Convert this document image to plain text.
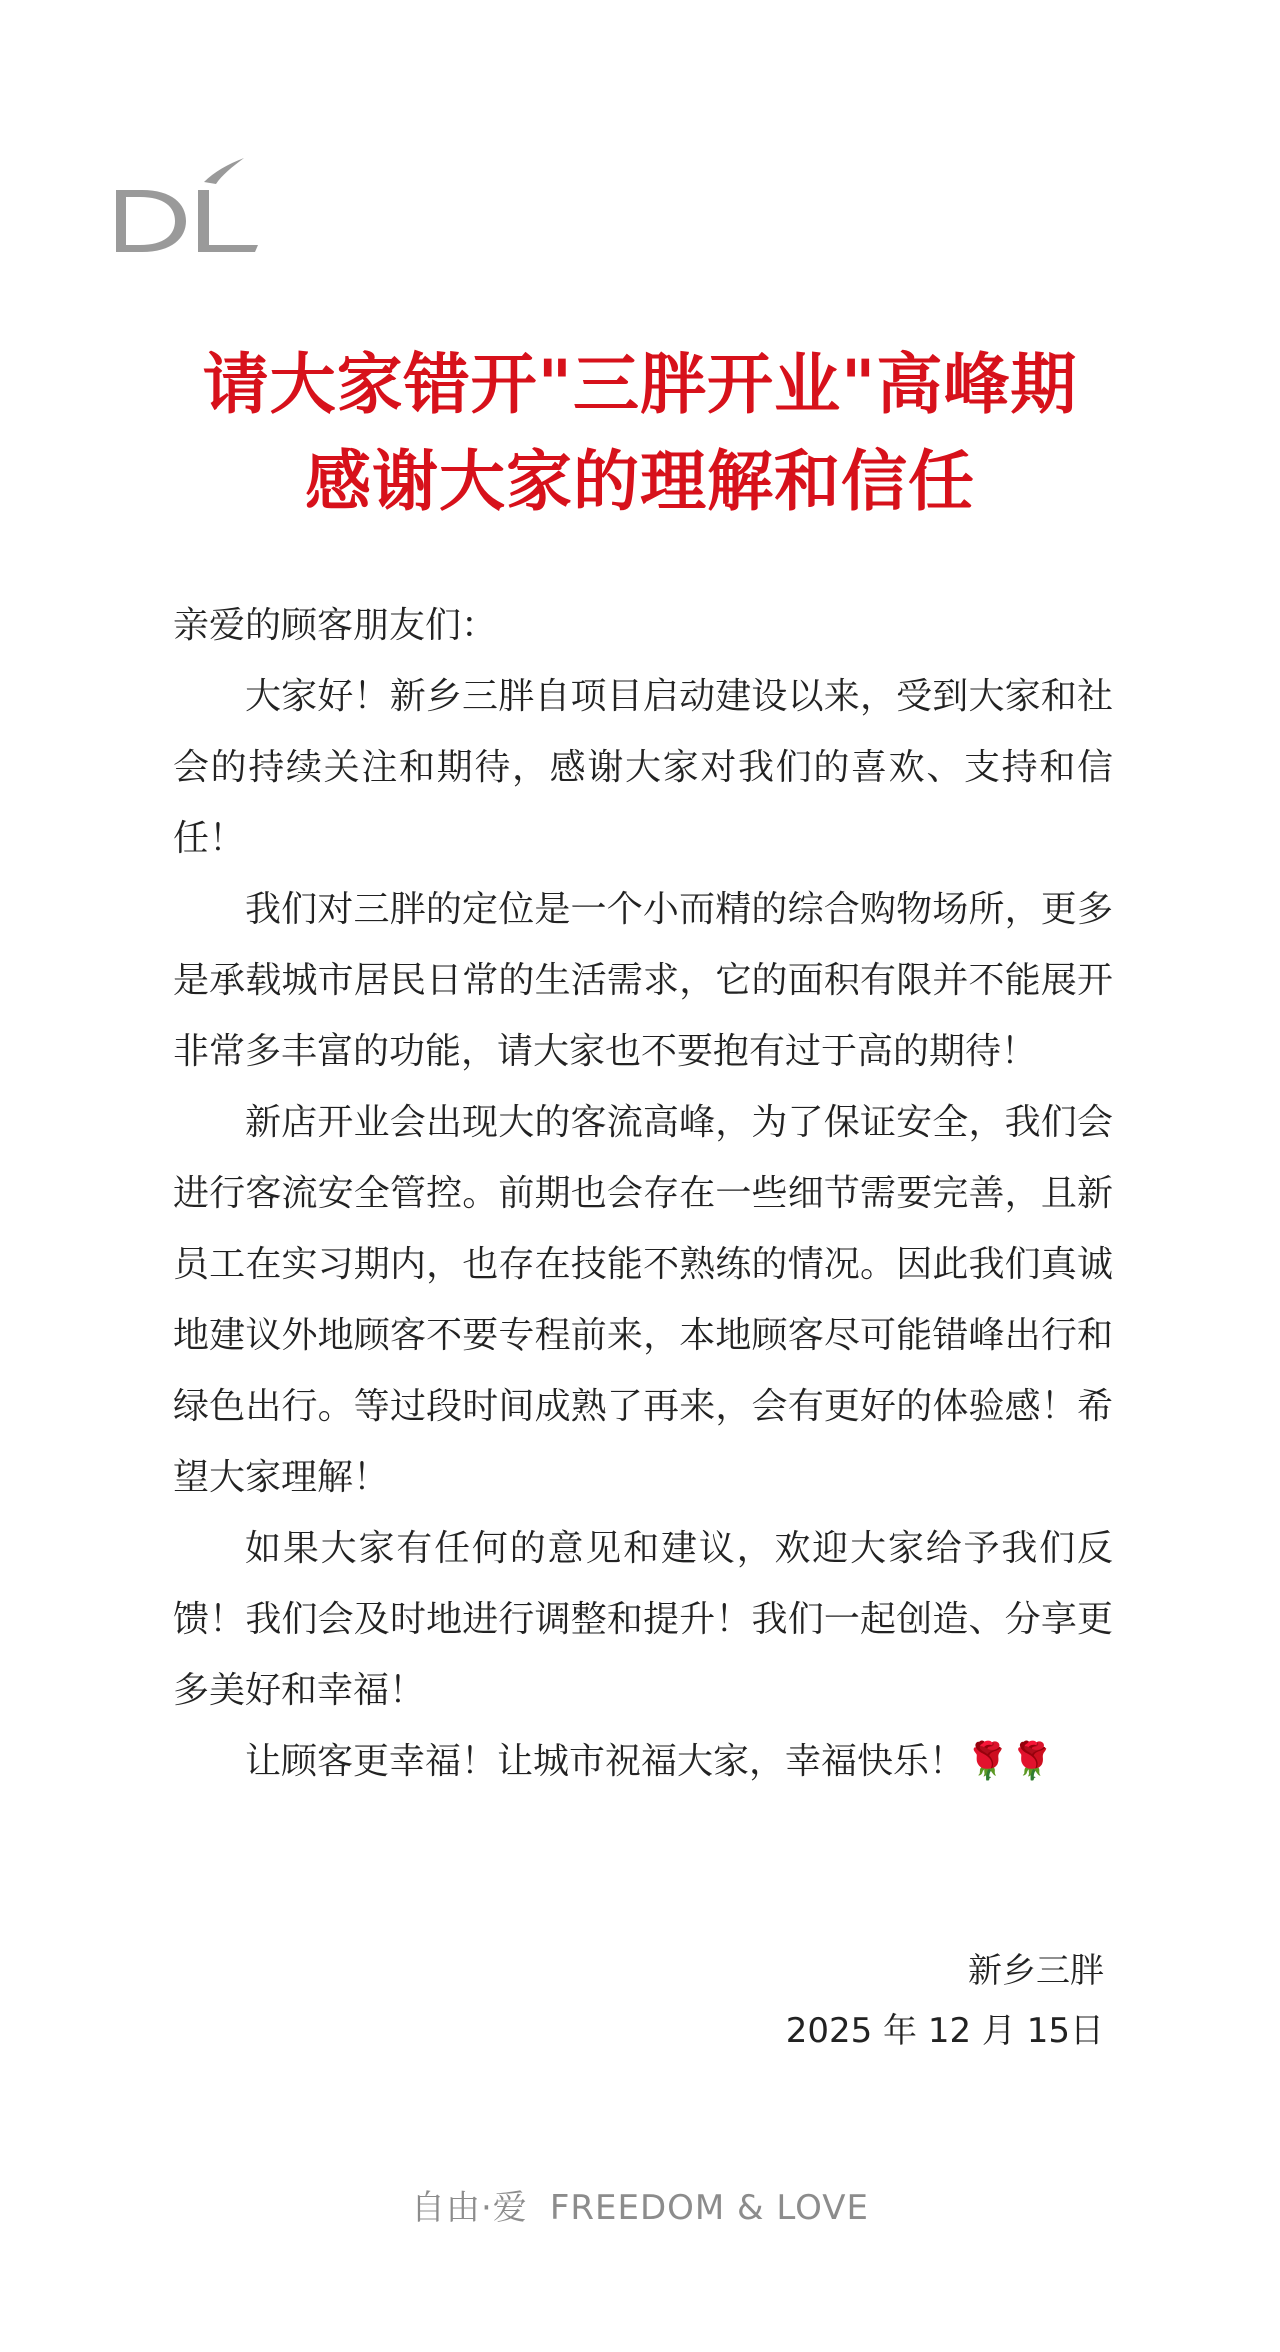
请大家错开"三胖开业"高峰期
感谢大家的理解和信任

亲爱的顾客朋友们：

大家好！新乡三胖自项目启动建设以来，受到大家和社会的持续关注和期待，感谢大家对我们的喜欢、支持和信任！

我们对三胖的定位是一个小而精的综合购物场所，更多是承载城市居民日常的生活需求，它的面积有限并不能展开非常多丰富的功能，请大家也不要抱有过于高的期待！

新店开业会出现大的客流高峰，为了保证安全，我们会进行客流安全管控。前期也会存在一些细节需要完善，且新员工在实习期内，也存在技能不熟练的情况。因此我们真诚地建议外地顾客不要专程前来，本地顾客尽可能错峰出行和绿色出行。等过段时间成熟了再来，会有更好的体验感！希望大家理解！

如果大家有任何的意见和建议，欢迎大家给予我们反馈！我们会及时地进行调整和提升！我们一起创造、分享更多美好和幸福！

让顾客更幸福！让城市祝福大家，幸福快乐！🌹🌹

新乡三胖
2025 年 12 月 15日
自由·爱 FREEDOM & LOVE
